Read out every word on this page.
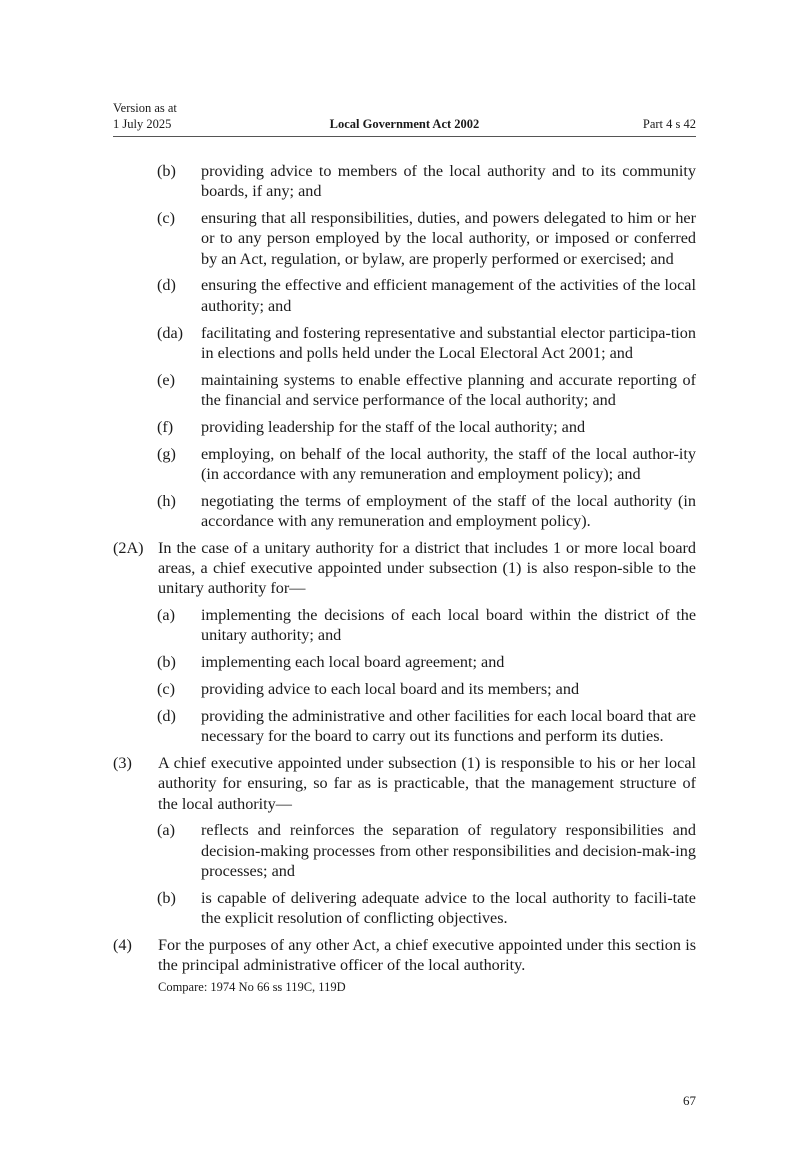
Version as at
1 July 2025	Local Government Act 2002	Part 4 s 42
(b) providing advice to members of the local authority and to its community boards, if any; and
(c) ensuring that all responsibilities, duties, and powers delegated to him or her or to any person employed by the local authority, or imposed or conferred by an Act, regulation, or bylaw, are properly performed or exercised; and
(d) ensuring the effective and efficient management of the activities of the local authority; and
(da) facilitating and fostering representative and substantial elector participa-tion in elections and polls held under the Local Electoral Act 2001; and
(e) maintaining systems to enable effective planning and accurate reporting of the financial and service performance of the local authority; and
(f) providing leadership for the staff of the local authority; and
(g) employing, on behalf of the local authority, the staff of the local author-ity (in accordance with any remuneration and employment policy); and
(h) negotiating the terms of employment of the staff of the local authority (in accordance with any remuneration and employment policy).
(2A) In the case of a unitary authority for a district that includes 1 or more local board areas, a chief executive appointed under subsection (1) is also respon-sible to the unitary authority for—
(a) implementing the decisions of each local board within the district of the unitary authority; and
(b) implementing each local board agreement; and
(c) providing advice to each local board and its members; and
(d) providing the administrative and other facilities for each local board that are necessary for the board to carry out its functions and perform its duties.
(3) A chief executive appointed under subsection (1) is responsible to his or her local authority for ensuring, so far as is practicable, that the management structure of the local authority—
(a) reflects and reinforces the separation of regulatory responsibilities and decision-making processes from other responsibilities and decision-mak-ing processes; and
(b) is capable of delivering adequate advice to the local authority to facili-tate the explicit resolution of conflicting objectives.
(4) For the purposes of any other Act, a chief executive appointed under this section is the principal administrative officer of the local authority.
Compare: 1974 No 66 ss 119C, 119D
67
